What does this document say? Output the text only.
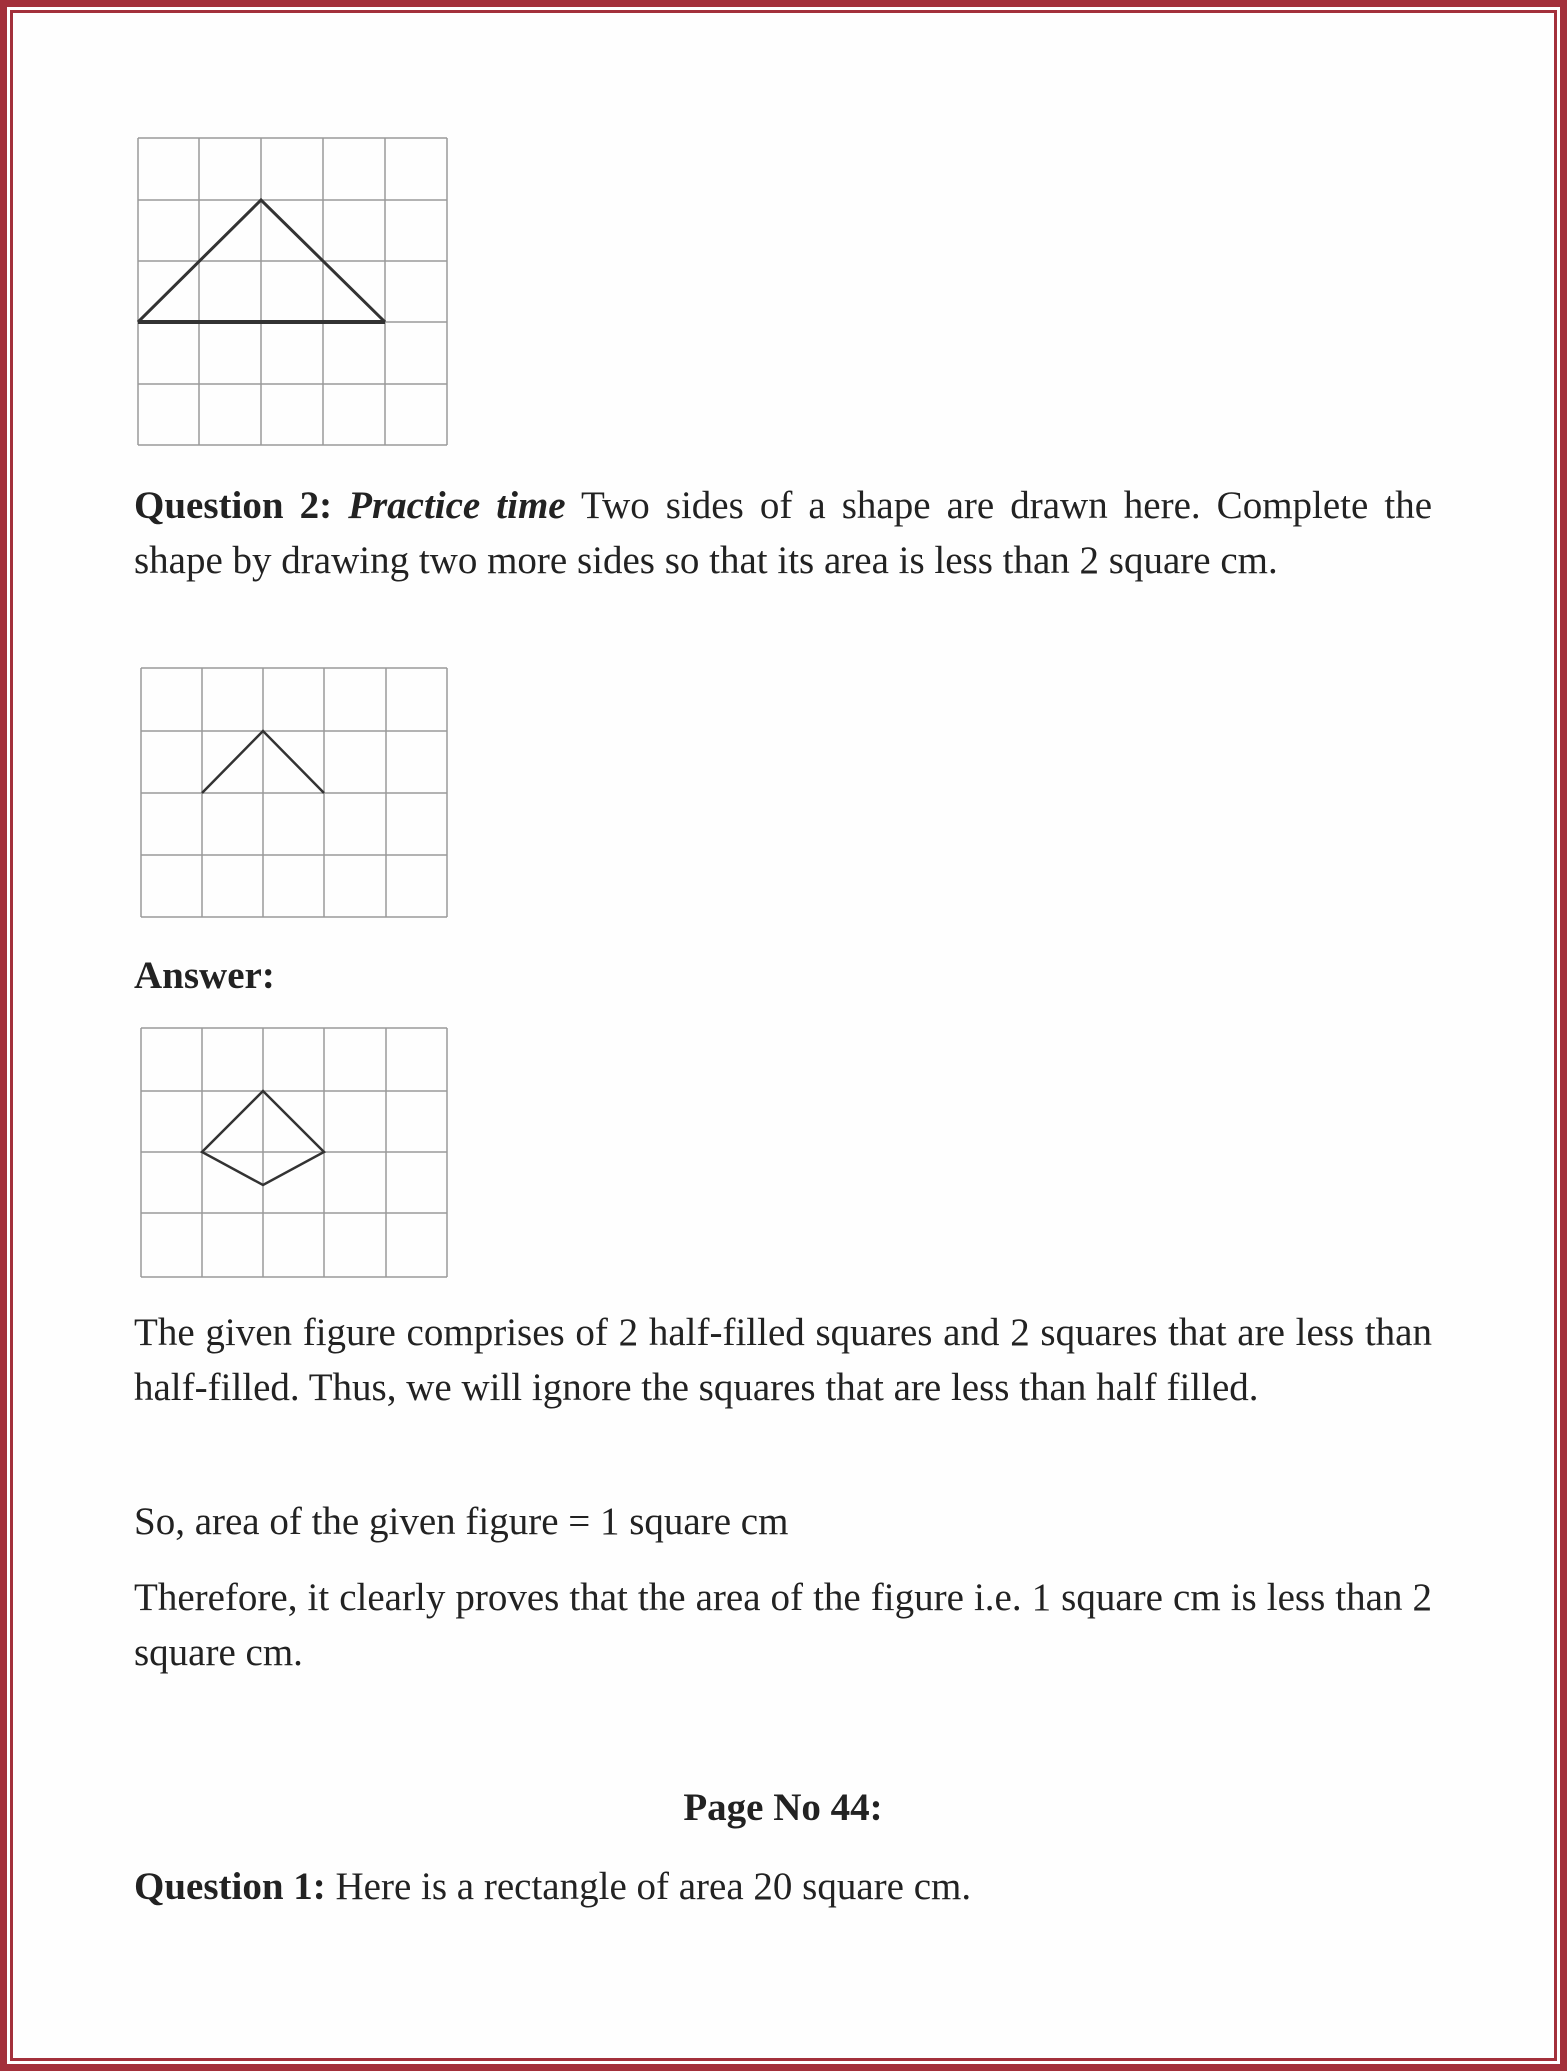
Question 2: Practice time Two sides of a shape are drawn here. Complete the shape by drawing two more sides so that its area is less than 2 square cm.

Answer:

The given figure comprises of 2 half-filled squares and 2 squares that are less than half-filled. Thus, we will ignore the squares that are less than half filled.

So, area of the given figure = 1 square cm

Therefore, it clearly proves that the area of the figure i.e. 1 square cm is less than 2 square cm.

Page No 44:

Question 1: Here is a rectangle of area 20 square cm.
